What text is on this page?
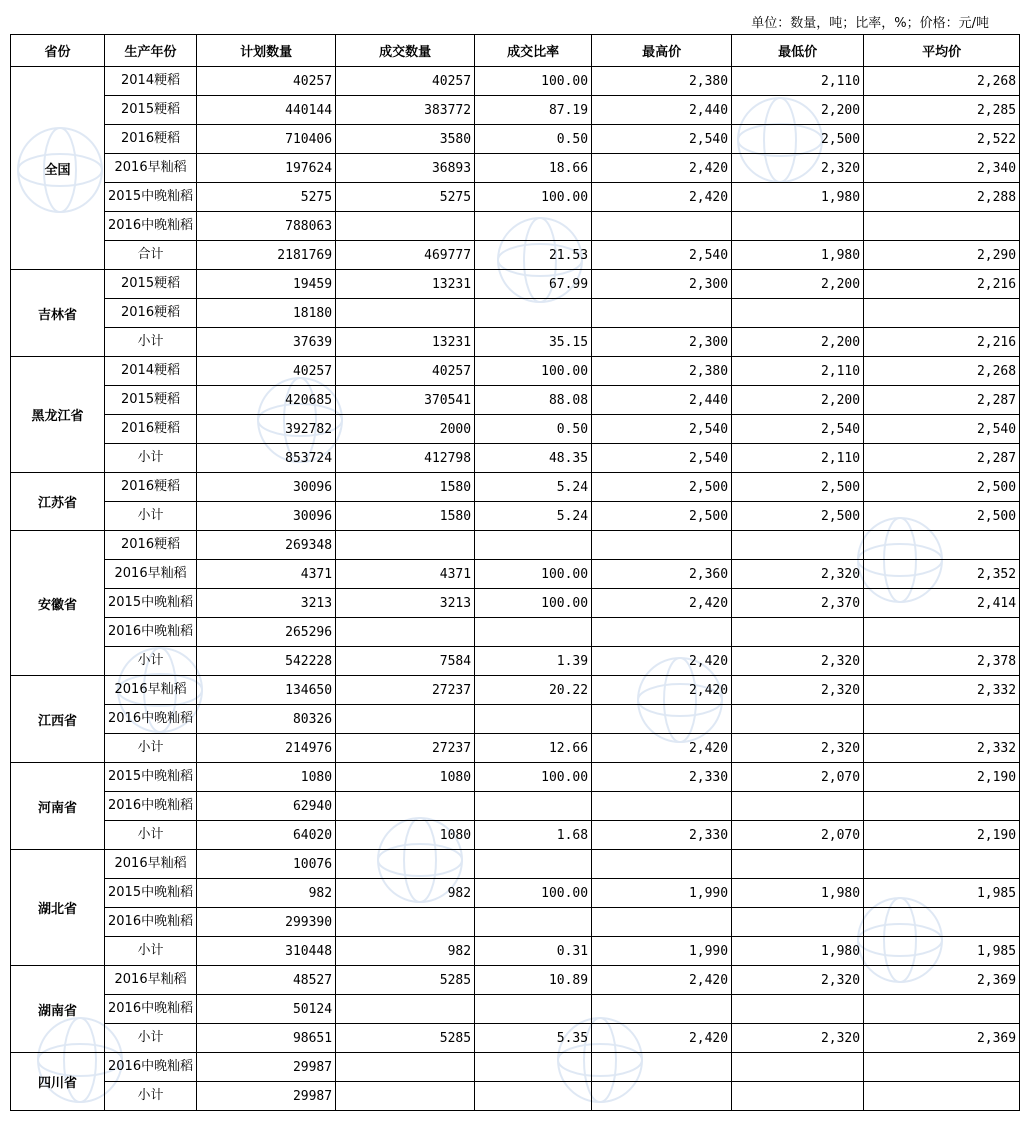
单位：数量，吨；比率，%；价格：元/吨
省份	生产年份	计划数量	成交数量	成交比率	最高价	最低价	平均价
全国	2014粳稻	40257	40257	100.00	2,380	2,110	2,268
	2015粳稻	440144	383772	87.19	2,440	2,200	2,285
	2016粳稻	710406	3580	0.50	2,540	2,500	2,522
	2016早籼稻	197624	36893	18.66	2,420	2,320	2,340
	2015中晚籼稻	5275	5275	100.00	2,420	1,980	2,288
	2016中晚籼稻	788063					
	合计	2181769	469777	21.53	2,540	1,980	2,290
吉林省	2015粳稻	19459	13231	67.99	2,300	2,200	2,216
	2016粳稻	18180					
	小计	37639	13231	35.15	2,300	2,200	2,216
黑龙江省	2014粳稻	40257	40257	100.00	2,380	2,110	2,268
	2015粳稻	420685	370541	88.08	2,440	2,200	2,287
	2016粳稻	392782	2000	0.50	2,540	2,540	2,540
	小计	853724	412798	48.35	2,540	2,110	2,287
江苏省	2016粳稻	30096	1580	5.24	2,500	2,500	2,500
	小计	30096	1580	5.24	2,500	2,500	2,500
安徽省	2016粳稻	269348					
	2016早籼稻	4371	4371	100.00	2,360	2,320	2,352
	2015中晚籼稻	3213	3213	100.00	2,420	2,370	2,414
	2016中晚籼稻	265296					
	小计	542228	7584	1.39	2,420	2,320	2,378
江西省	2016早籼稻	134650	27237	20.22	2,420	2,320	2,332
	2016中晚籼稻	80326					
	小计	214976	27237	12.66	2,420	2,320	2,332
河南省	2015中晚籼稻	1080	1080	100.00	2,330	2,070	2,190
	2016中晚籼稻	62940					
	小计	64020	1080	1.68	2,330	2,070	2,190
湖北省	2016早籼稻	10076					
	2015中晚籼稻	982	982	100.00	1,990	1,980	1,985
	2016中晚籼稻	299390					
	小计	310448	982	0.31	1,990	1,980	1,985
湖南省	2016早籼稻	48527	5285	10.89	2,420	2,320	2,369
	2016中晚籼稻	50124					
	小计	98651	5285	5.35	2,420	2,320	2,369
四川省	2016中晚籼稻	29987					
	小计	29987					
